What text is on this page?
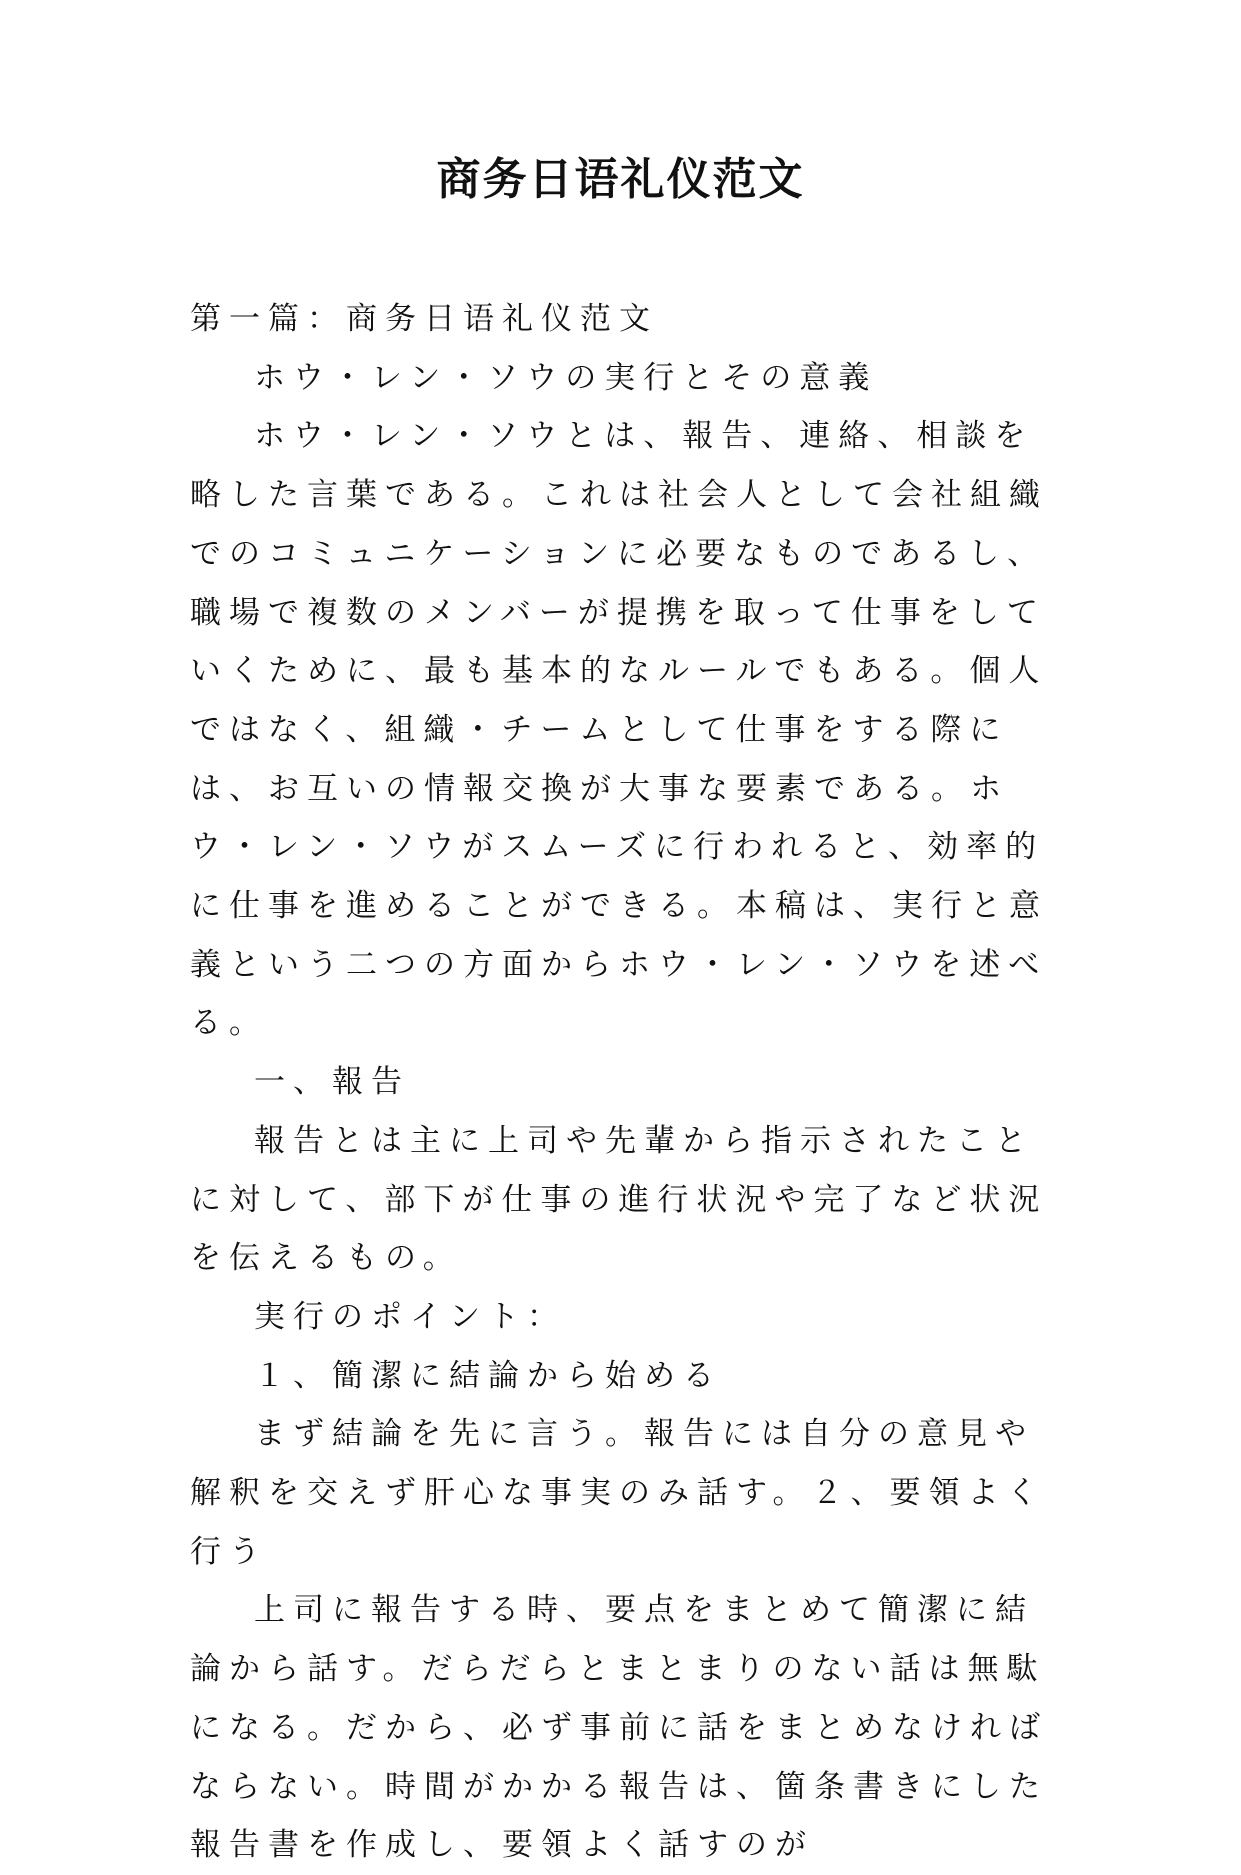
商务日语礼仪范文

第一篇：商务日语礼仪范文

ホウ・レン・ソウの実行とその意義

ホウ・レン・ソウとは、報告、連絡、相談を略した言葉である。これは社会人として会社組織でのコミュニケーションに必要なものであるし、職場で複数のメンバーが提携を取って仕事をしていくために、最も基本的なルールでもある。個人ではなく、組織・チームとして仕事をする際には、お互いの情報交換が大事な要素である。ホウ・レン・ソウがスムーズに行われると、効率的に仕事を進めることができる。本稿は、実行と意義という二つの方面からホウ・レン・ソウを述べる。

一、報告

報告とは主に上司や先輩から指示されたことに対して、部下が仕事の進行状況や完了など状況を伝えるもの。

実行のポイント：

１、簡潔に結論から始める

まず結論を先に言う。報告には自分の意見や解釈を交えず肝心な事実のみ話す。２、要領よく行う

上司に報告する時、要点をまとめて簡潔に結論から話す。だらだらとまとまりのない話は無駄になる。だから、必ず事前に話をまとめなければならない。時間がかかる報告は、箇条書きにした報告書を作成し、要領よく話すのが
